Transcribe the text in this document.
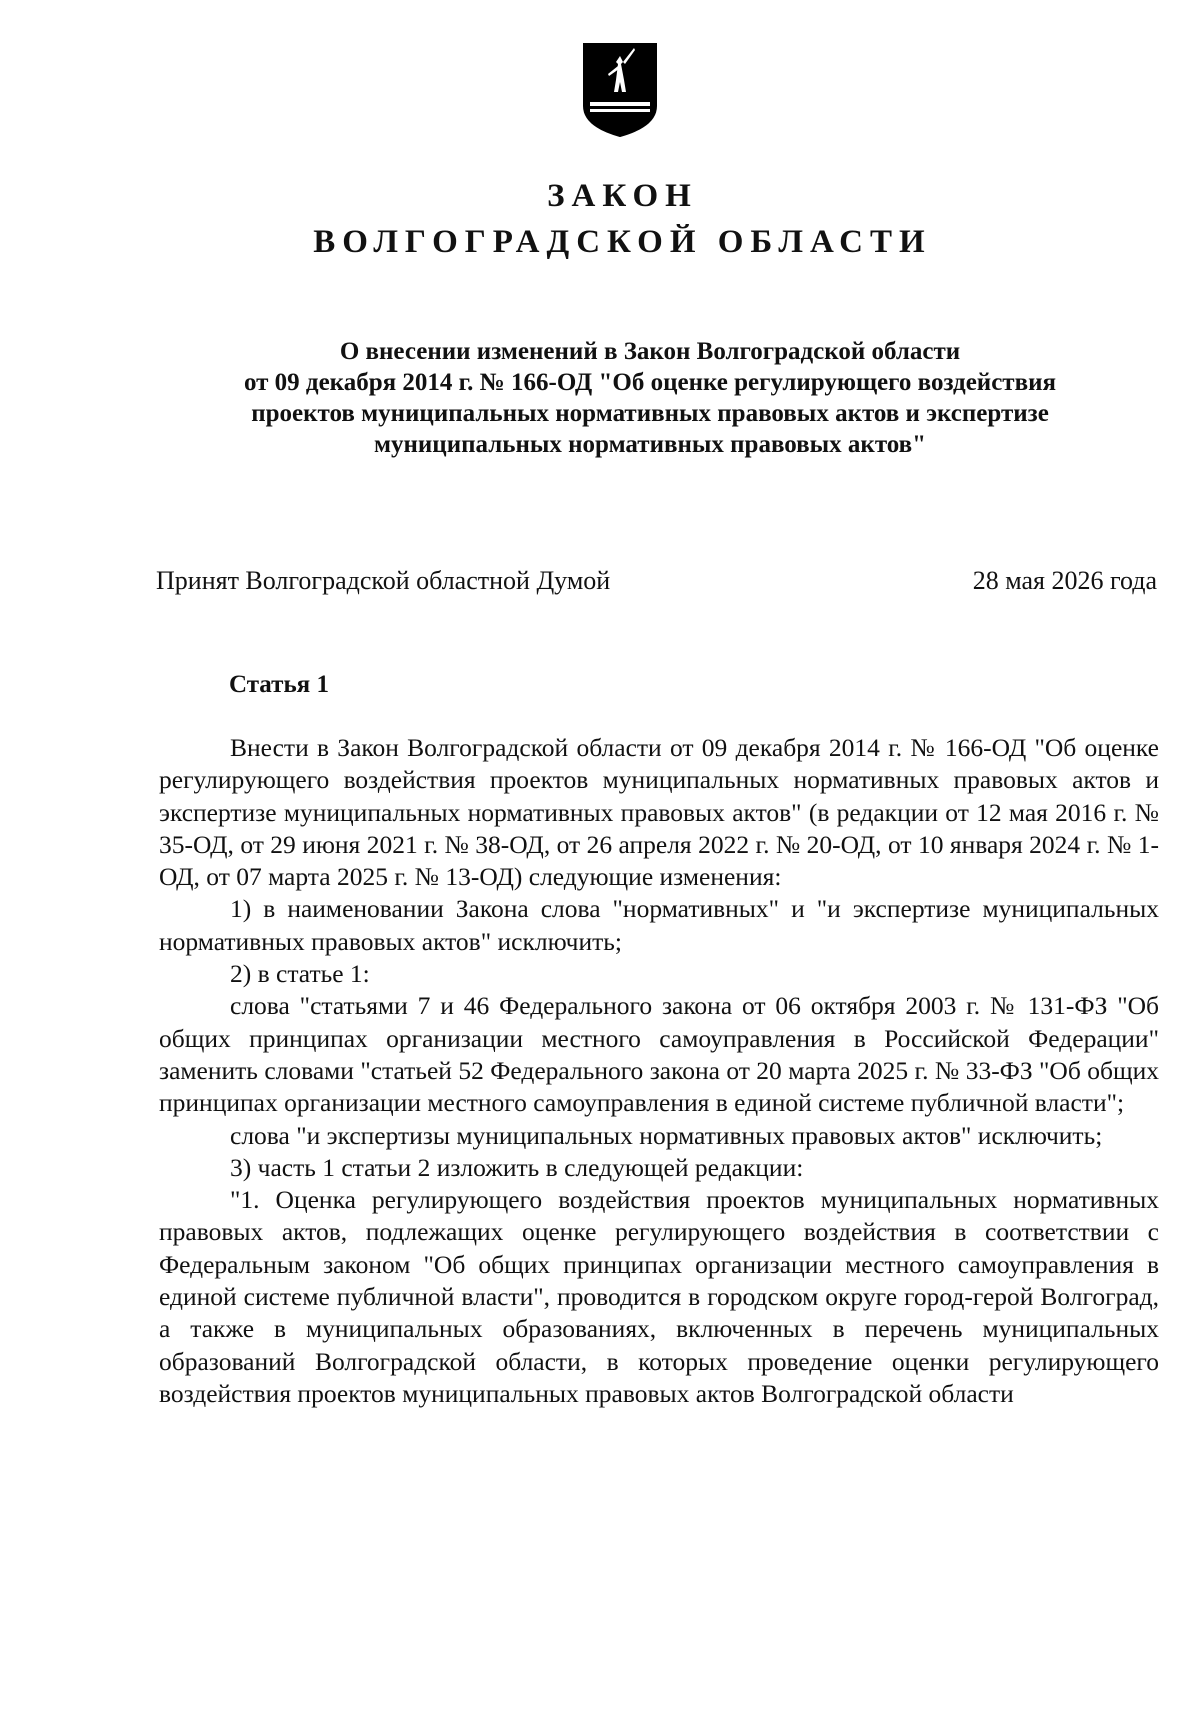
ЗАКОН
ВОЛГОГРАДСКОЙ ОБЛАСТИ
О внесении изменений в Закон Волгоградской области
от 09 декабря 2014 г. № 166-ОД "Об оценке регулирующего воздействия
проектов муниципальных нормативных правовых актов и экспертизе
муниципальных нормативных правовых актов"
Принят Волгоградской областной Думой	28 мая 2026 года
Статья 1

Внести в Закон Волгоградской области от 09 декабря 2014 г. № 166-ОД "Об оценке регулирующего воздействия проектов муниципальных нормативных правовых актов и экспертизе муниципальных нормативных правовых актов" (в редакции от 12 мая 2016 г. № 35-ОД, от 29 июня 2021 г. № 38-ОД, от 26 апреля 2022 г. № 20-ОД, от 10 января 2024 г. № 1-ОД, от 07 марта 2025 г. № 13-ОД) следующие изменения:

1) в наименовании Закона слова "нормативных" и "и экспертизе муниципальных нормативных правовых актов" исключить;

2) в статье 1:

слова "статьями 7 и 46 Федерального закона от 06 октября 2003 г. № 131-ФЗ "Об общих принципах организации местного самоуправления в Российской Федерации" заменить словами "статьей 52 Федерального закона от 20 марта 2025 г. № 33-ФЗ "Об общих принципах организации местного самоуправления в единой системе публичной власти";

слова "и экспертизы муниципальных нормативных правовых актов" исключить;

3) часть 1 статьи 2 изложить в следующей редакции:

"1. Оценка регулирующего воздействия проектов муниципальных нормативных правовых актов, подлежащих оценке регулирующего воздействия в соответствии с Федеральным законом "Об общих принципах организации местного самоуправления в единой системе публичной власти", проводится в городском округе город-герой Волгоград, а также в муниципальных образованиях, включенных в перечень муниципальных образований Волгоградской области, в которых проведение оценки регулирующего воздействия проектов муниципальных правовых актов Волгоградской области
